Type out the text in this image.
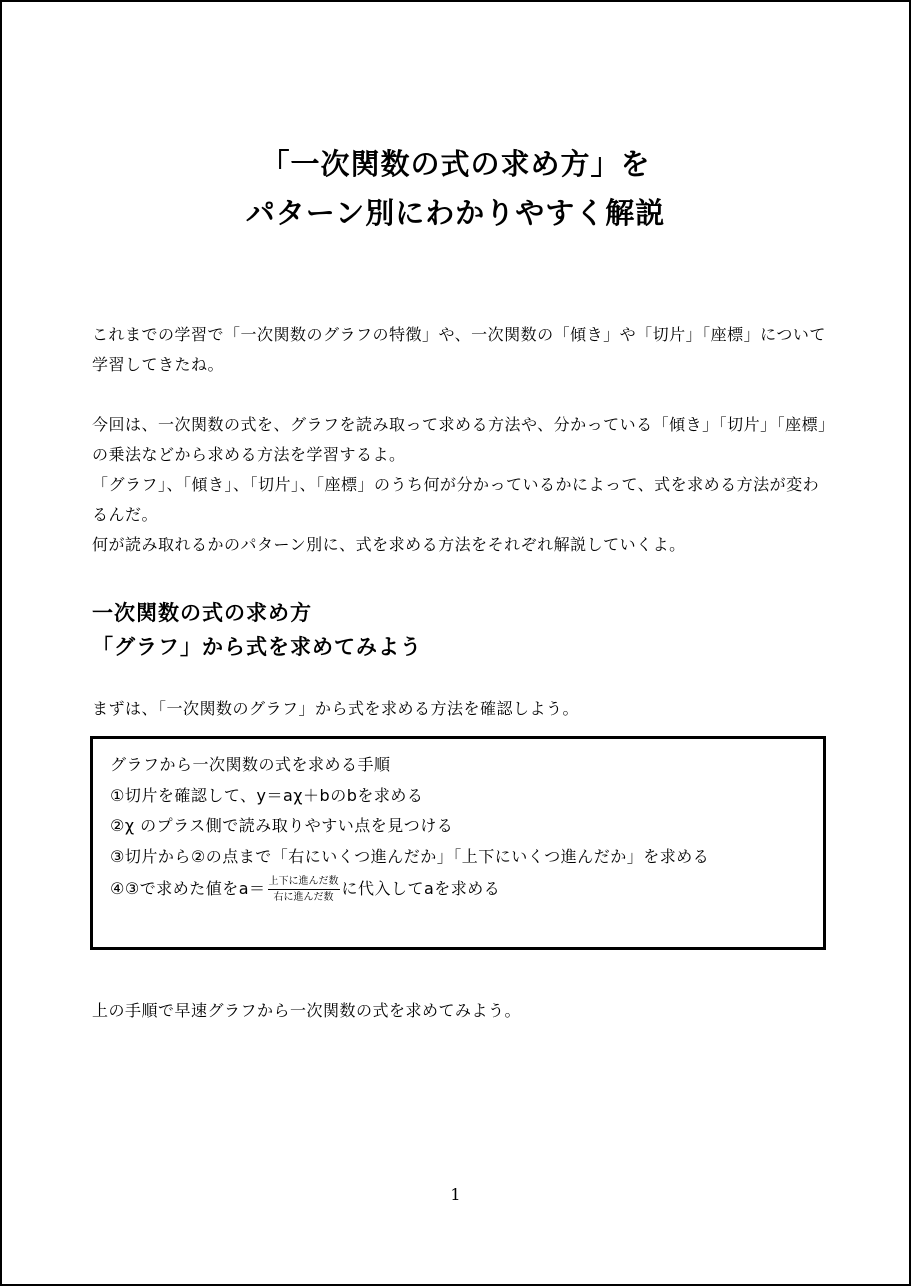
「一次関数の式の求め方」を
パターン別にわかりやすく解説

これまでの学習で「一次関数のグラフの特徴」や、一次関数の「傾き」や「切片」「座標」について学習してきたね。

今回は、一次関数の式を、グラフを読み取って求める方法や、分かっている「傾き」「切片」「座標」の乗法などから求める方法を学習するよ。

「グラフ」、「傾き」、「切片」、「座標」のうち何が分かっているかによって、式を求める方法が変わるんだ。

何が読み取れるかのパターン別に、式を求める方法をそれぞれ解説していくよ。

一次関数の式の求め方
「グラフ」から式を求めてみよう
まずは、「一次関数のグラフ」から式を求める方法を確認しよう。
グラフから一次関数の式を求める手順
①切片を確認して、y＝aχ＋bのbを求める
②χ のプラス側で読み取りやすい点を見つける
③切片から②の点まで「右にいくつ進んだか」「上下にいくつ進んだか」を求める
④③で求めた値を$a= \frac{\text{上下に進んだ数}}{\text{右に進んだ数}}$ に代入してaを求める
上の手順で早速グラフから一次関数の式を求めてみよう。
1
